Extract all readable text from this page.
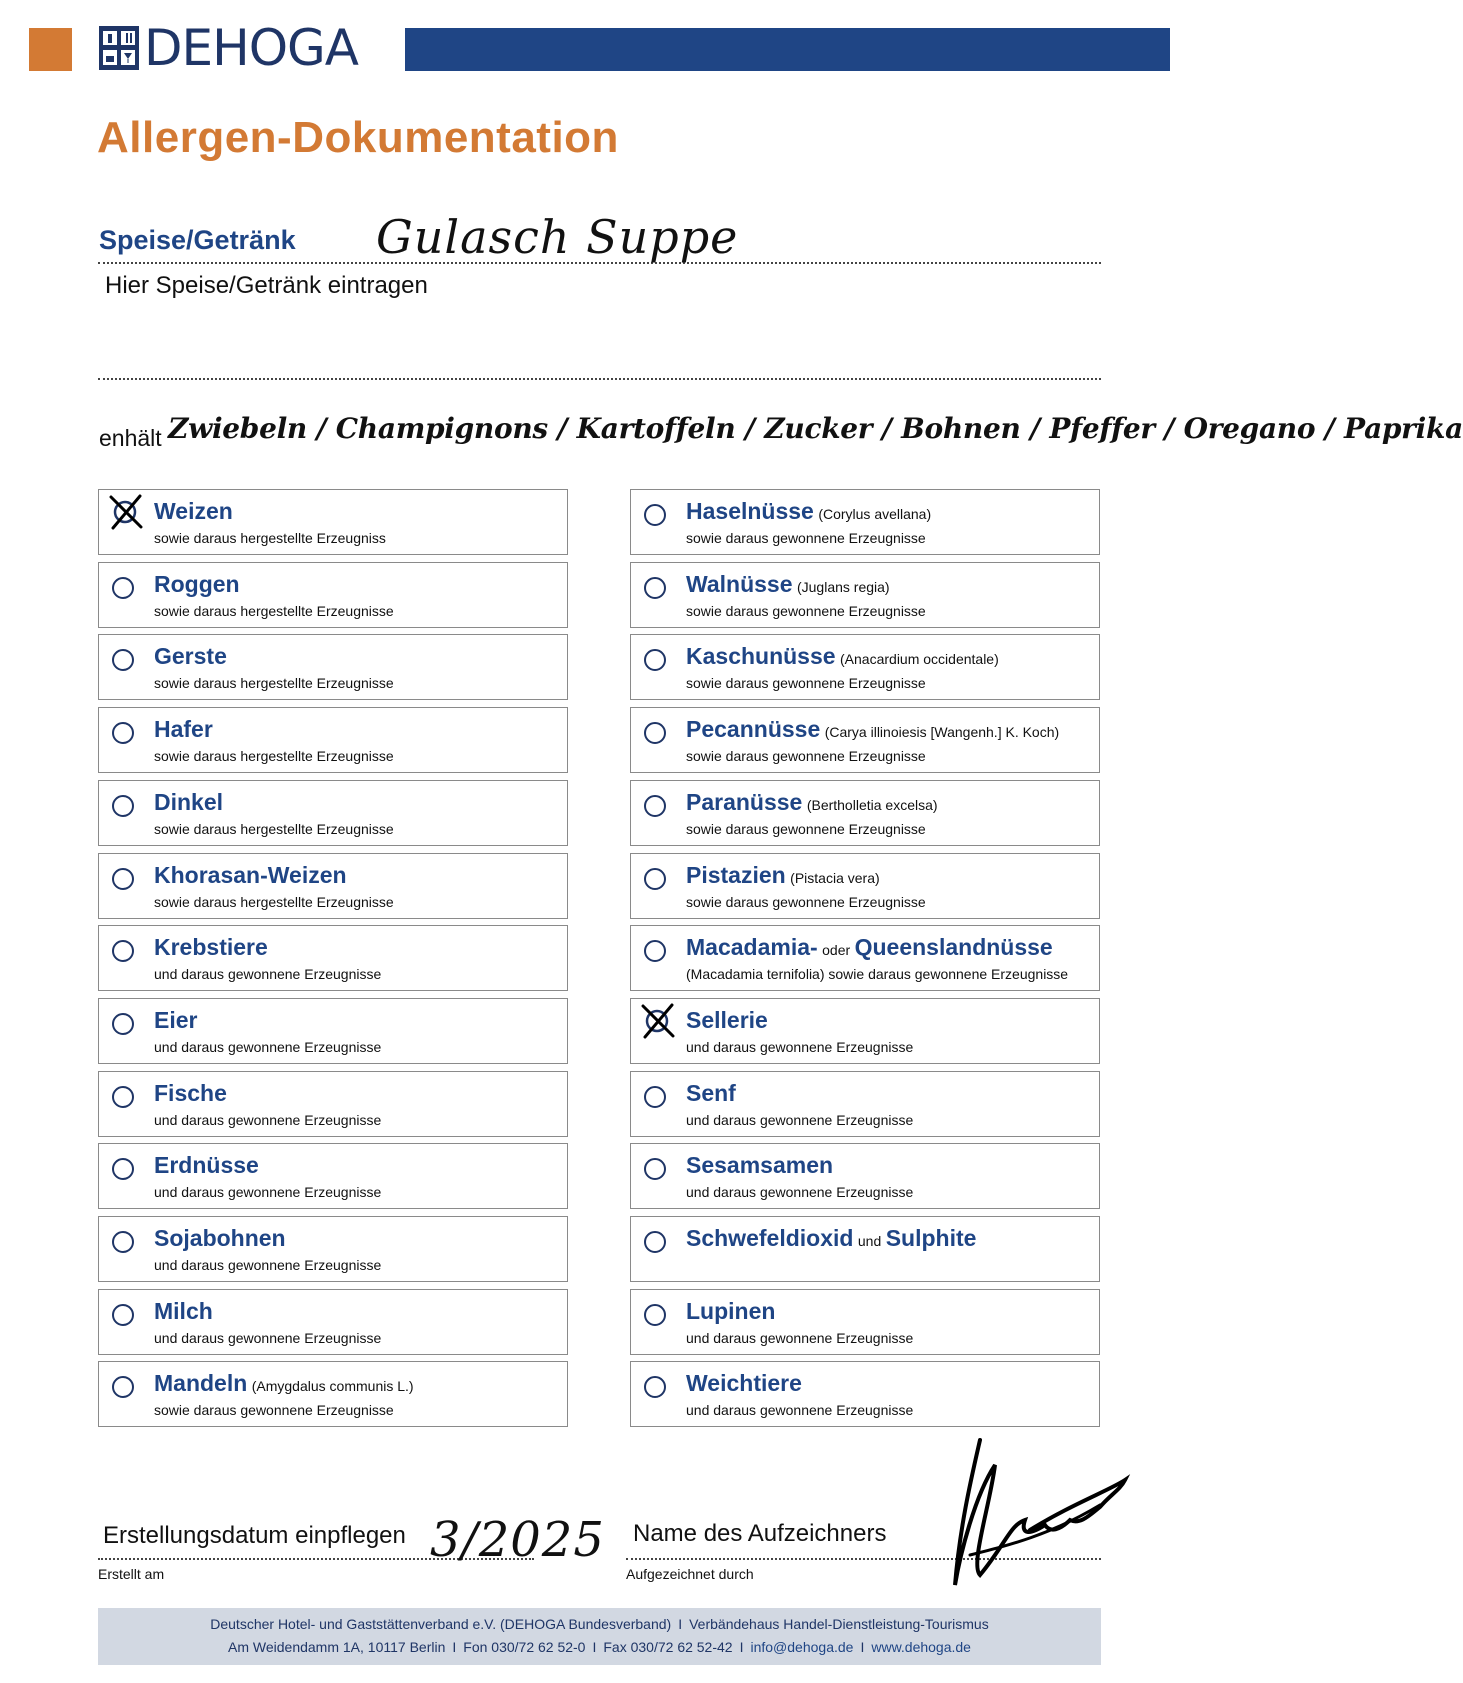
DEHOGA
Allergen-Dokumentation
Speise/Getränk Gulasch Suppe
Hier Speise/Getränk eintragen
enhält Zwiebeln / Champignons / Kartoffeln / Zucker / Bohnen / Pfeffer / Oregano / Paprika
Weizen
sowie daraus hergestellte Erzeugniss
Roggen
sowie daraus hergestellte Erzeugnisse
Gerste
sowie daraus hergestellte Erzeugnisse
Hafer
sowie daraus hergestellte Erzeugnisse
Dinkel
sowie daraus hergestellte Erzeugnisse
Khorasan-Weizen
sowie daraus hergestellte Erzeugnisse
Krebstiere
und daraus gewonnene Erzeugnisse
Eier
und daraus gewonnene Erzeugnisse
Fische
und daraus gewonnene Erzeugnisse
Erdnüsse
und daraus gewonnene Erzeugnisse
Sojabohnen
und daraus gewonnene Erzeugnisse
Milch
und daraus gewonnene Erzeugnisse
Mandeln (Amygdalus communis L.)
sowie daraus gewonnene Erzeugnisse
Haselnüsse (Corylus avellana)
sowie daraus gewonnene Erzeugnisse
Walnüsse (Juglans regia)
sowie daraus gewonnene Erzeugnisse
Kaschunüsse (Anacardium occidentale)
sowie daraus gewonnene Erzeugnisse
Pecannüsse (Carya illinoiesis [Wangenh.] K. Koch)
sowie daraus gewonnene Erzeugnisse
Paranüsse (Bertholletia excelsa)
sowie daraus gewonnene Erzeugnisse
Pistazien (Pistacia vera)
sowie daraus gewonnene Erzeugnisse
Macadamia- oder Queenslandnüsse
(Macadamia ternifolia) sowie daraus gewonnene Erzeugnisse
Sellerie
und daraus gewonnene Erzeugnisse
Senf
und daraus gewonnene Erzeugnisse
Sesamsamen
und daraus gewonnene Erzeugnisse
Schwefeldioxid und Sulphite
Lupinen
und daraus gewonnene Erzeugnisse
Weichtiere
und daraus gewonnene Erzeugnisse
Erstellungsdatum einpflegen 3/2025
Erstellt am
Name des Aufzeichners
Aufgezeichnet durch
Deutscher Hotel- und Gaststättenverband e.V. (DEHOGA Bundesverband) I Verbändehaus Handel-Dienstleistung-Tourismus
Am Weidendamm 1A, 10117 Berlin I Fon 030/72 62 52-0 I Fax 030/72 62 52-42 I info@dehoga.de I www.dehoga.de
